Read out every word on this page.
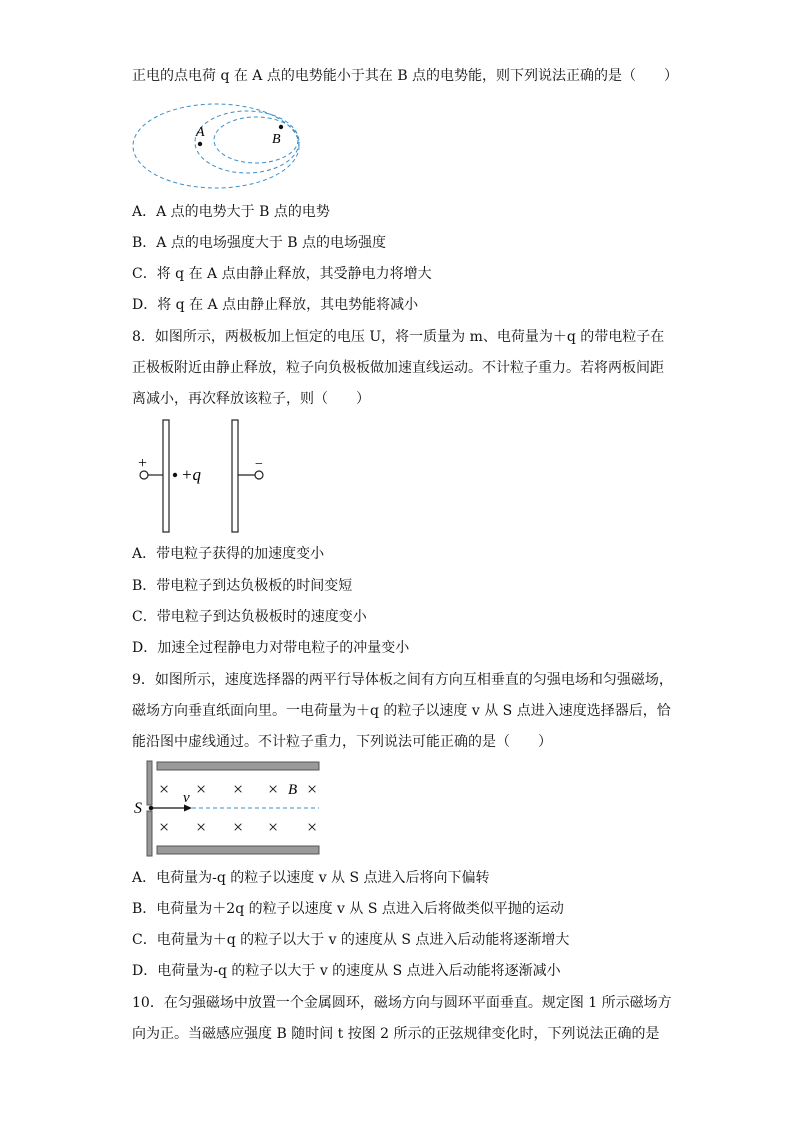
正电的点电荷 q 在 A 点的电势能小于其在 B 点的电势能，则下列说法正确的是（　　）
A	B
A．A 点的电势大于 B 点的电势
B．A 点的电场强度大于 B 点的电场强度
C．将 q 在 A 点由静止释放，其受静电力将增大
D．将 q 在 A 点由静止释放，其电势能将减小
8．如图所示，两极板加上恒定的电压 U，将一质量为 m、电荷量为＋q 的带电粒子在
正极板附近由静止释放，粒子向负极板做加速直线运动。不计粒子重力。若将两板间距
离减小，再次释放该粒子，则（　　）
+	−
+q
A．带电粒子获得的加速度变小
B．带电粒子到达负极板的时间变短
C．带电粒子到达负极板时的速度变小
D．加速全过程静电力对带电粒子的冲量变小
9．如图所示，速度选择器的两平行导体板之间有方向互相垂直的匀强电场和匀强磁场，
磁场方向垂直纸面向里。一电荷量为＋q 的粒子以速度 v 从 S 点进入速度选择器后，恰
能沿图中虚线通过。不计粒子重力，下列说法可能正确的是（　　）
S
v	B
× × × × ×
× × × × ×
A．电荷量为-q 的粒子以速度 v 从 S 点进入后将向下偏转
B．电荷量为＋2q 的粒子以速度 v 从 S 点进入后将做类似平抛的运动
C．电荷量为＋q 的粒子以大于 v 的速度从 S 点进入后动能将逐渐增大
D．电荷量为-q 的粒子以大于 v 的速度从 S 点进入后动能将逐渐减小
10．在匀强磁场中放置一个金属圆环，磁场方向与圆环平面垂直。规定图 1 所示磁场方
向为正。当磁感应强度 B 随时间 t 按图 2 所示的正弦规律变化时，下列说法正确的是
